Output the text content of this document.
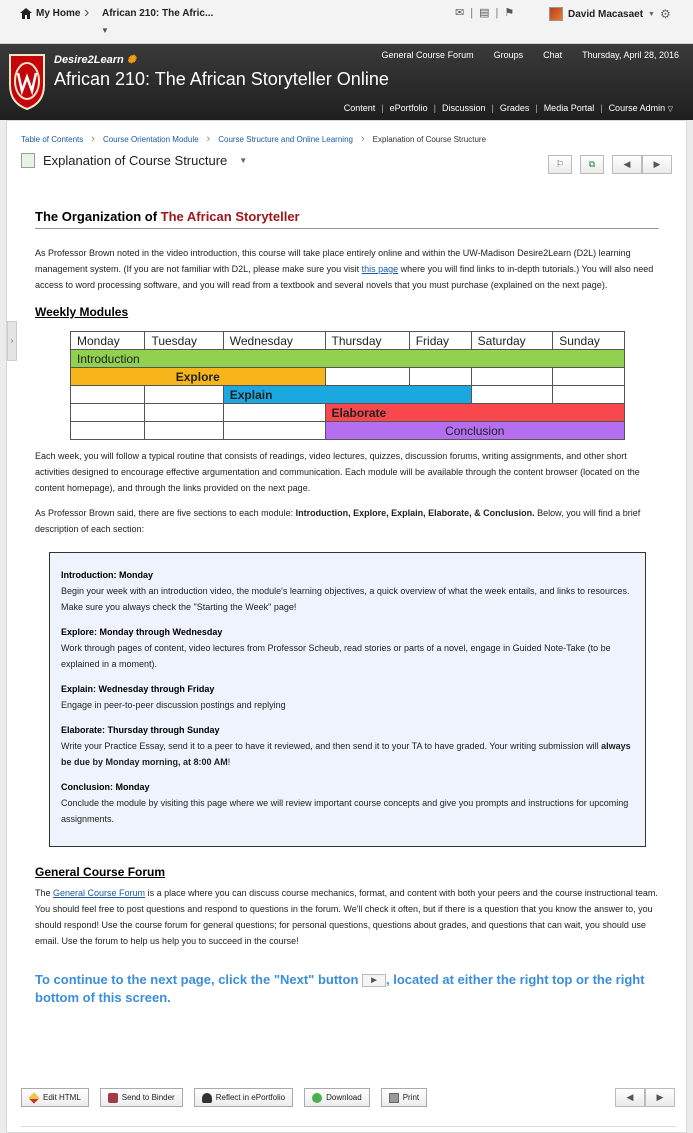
My Home › African 210: The Afric...
▼
✉ | ▤ | ⚑	David Macasaet ▼ ⚙
Desire2Learn ✺
African 210: The African Storyteller Online
General Course Forum Groups Chat Thursday, April 28, 2016
Content | ePortfolio | Discussion | Grades | Media Portal | Course Admin ▽
›
Table of Contents › Course Orientation Module › Course Structure and Online Learning › Explanation of Course Structure
Explanation of Course Structure ▼	⚐	⧉	◀	▶
The Organization of The African Storyteller

As Professor Brown noted in the video introduction, this course will take place entirely online and within the UW-Madison Desire2Learn (D2L) learning management system. (If you are not familiar with D2L, please make sure you visit this page where you will find links to in-depth tutorials.) You will also need access to word processing software, and you will read from a textbook and several novels that you must purchase (explained on the next page).

Weekly Modules
Monday	Tuesday	Wednesday	Thursday	Friday	Saturday	Sunday
Introduction						
Explore						
		Explain				
			Elaborate			
			Conclusion			

Each week, you will follow a typical routine that consists of readings, video lectures, quizzes, discussion forums, writing assignments, and other short activities designed to encourage effective argumentation and communication. Each module will be available through the content browser (located on the content homepage), and through the links provided on the next page.

As Professor Brown said, there are five sections to each module: Introduction, Explore, Explain, Elaborate, & Conclusion. Below, you will find a brief description of each section:

Introduction: Monday
Begin your week with an introduction video, the module's learning objectives, a quick overview of what the week entails, and links to resources. Make sure you always check the "Starting the Week" page!
Explore: Monday through Wednesday
Work through pages of content, video lectures from Professor Scheub, read stories or parts of a novel, engage in Guided Note-Take (to be explained in a moment).
Explain: Wednesday through Friday
Engage in peer-to-peer discussion postings and replying
Elaborate: Thursday through Sunday
Write your Practice Essay, send it to a peer to have it reviewed, and then send it to your TA to have graded. Your writing submission will always be due by Monday morning, at 8:00 AM!
Conclusion: Monday
Conclude the module by visiting this page where we will review important course concepts and give you prompts and instructions for upcoming assignments.
General Course Forum

The General Course Forum is a place where you can discuss course mechanics, format, and content with both your peers and the course instructional team. You should feel free to post questions and respond to questions in the forum. We'll check it often, but if there is a question that you know the answer to, you should respond! Use the course forum for general questions; for personal questions, questions about grades, and questions that can wait, you should use email. Use the forum to help us help you to succeed in the course!

To continue to the next page, click the "Next" button ▶ , located at either the right top or the right bottom of this screen.

Edit HTML	Send to Binder	Reflect in ePortfolio	Download	Print	◀	▶
